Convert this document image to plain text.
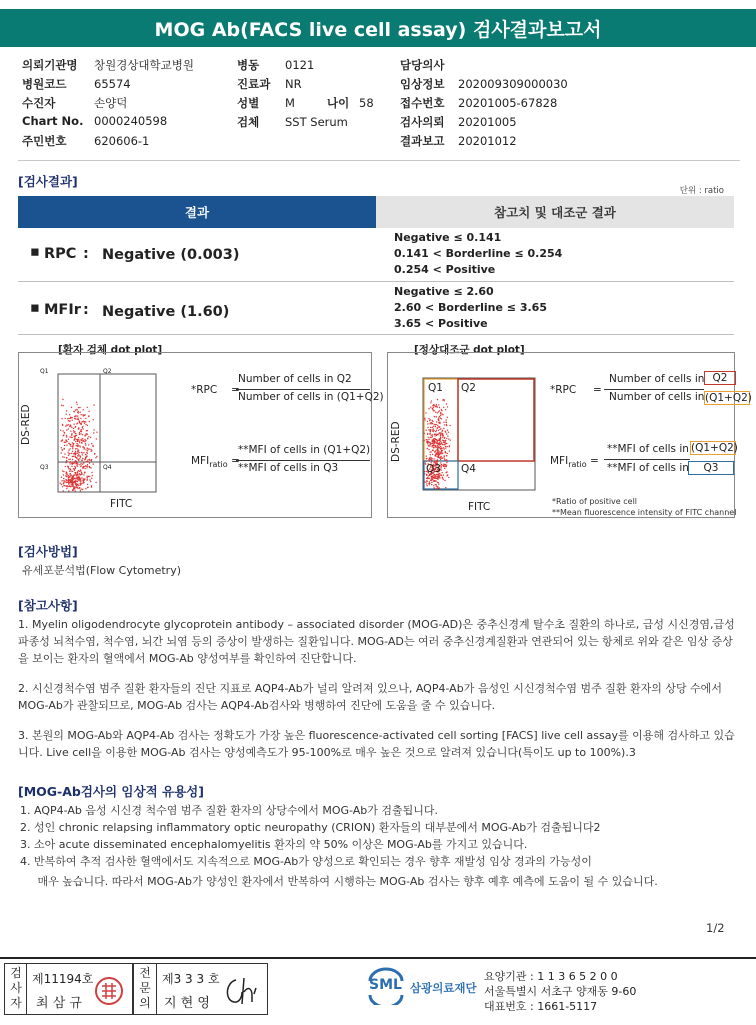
MOG Ab(FACS live cell assay) 검사결과보고서
의뢰기관명 창원경상대학교병원
병원코드 65574
수진자	손양덕
Chart No. 0000240598
주민번호 620606-1
병동 0121
진료과 NR
성별 M	나이 58
검체 SST Serum
담당의사
임상정보 202009309000030
접수번호 20201005-67828
검사의뢰 20201005
결과보고 20201012
[검사결과]
단위 : ratio
결과	참고치 및 대조군 결과
▪ RPC : Negative (0.003)
Negative ≤ 0.141
0.141 < Borderline ≤ 0.254
0.254 < Positive
▪ MFIr : Negative (1.60)
Negative ≤ 2.60
2.60 < Borderline ≤ 3.65
3.65 < Positive
[환자 검체 dot plot]
Q1	Q2
Q3	Q4
FITC
DS-RED
*RPC =
Number of cells in Q2
Number of cells in (Q1+Q2)
$MFI_{ratio}$ =
**MFI of cells in (Q1+Q2)
**MFI of cells in Q3
[정상대조군 dot plot]
Q1 Q2
Q3 Q4
FITC
DS-RED
*RPC =
Number of cells in Q2
Number of cells in (Q1+Q2)
$MFI_{ratio}$ =
**MFI of cells in (Q1+Q2)
**MFI of cells in	Q3
*Ratio of positive cell
**Mean fluorescence intensity of FITC channel
[검사방법]
유세포분석법(Flow Cytometry)
[참고사항]
1. Myelin oligodendrocyte glycoprotein antibody – associated disorder (MOG-AD)은 중추신경계 탈수초 질환의 하나로, 급성 시신경염,급성파종성 뇌척수염, 척수염, 뇌간 뇌염 등의 증상이 발생하는 질환입니다. MOG-AD는 여러 중추신경계질환과 연관되어 있는 항체로 위와 같은 임상 증상을 보이는 환자의 혈액에서 MOG-Ab 양성여부를 확인하여 진단합니다.
2. 시신경척수염 범주 질환 환자들의 진단 지표로 AQP4-Ab가 널리 알려져 있으나, AQP4-Ab가 음성인 시신경척수염 범주 질환 환자의 상당 수에서 MOG-Ab가 관찰되므로, MOG-Ab 검사는 AQP4-Ab검사와 병행하여 진단에 도움을 줄 수 있습니다.
3. 본원의 MOG-Ab와 AQP4-Ab 검사는 정확도가 가장 높은 fluorescence-activated cell sorting [FACS] live cell assay를 이용해 검사하고 있습니다. Live cell을 이용한 MOG-Ab 검사는 양성예측도가 95-100%로 매우 높은 것으로 알려져 있습니다(특이도 up to 100%).3
[MOG-Ab검사의 임상적 유용성]
1. AQP4-Ab 음성 시신경 척수염 범주 질환 환자의 상당수에서 MOG-Ab가 검출됩니다.
2. 성인 chronic relapsing inflammatory optic neuropathy (CRION) 환자들의 대부분에서 MOG-Ab가 검출됩니다2
3. 소아 acute disseminated encephalomyelitis 환자의 약 50% 이상은 MOG-Ab를 가지고 있습니다.
4. 반복하여 추적 검사한 혈액에서도 지속적으로 MOG-Ab가 양성으로 확인되는 경우 향후 재발성 임상 경과의 가능성이
매우 높습니다. 따라서 MOG-Ab가 양성인 환자에서 반복하여 시행하는 MOG-Ab 검사는 향후 예후 예측에 도움이 될 수 있습니다.
1/2
검사자
제11194호
최 삼 규
전문의
제3 3 3 호
지 현 영
SML 삼광의료재단
요양기관 : 1 1 3 6 5 2 0 0
서울특별시 서초구 양재동 9-60
대표번호 : 1661-5117
